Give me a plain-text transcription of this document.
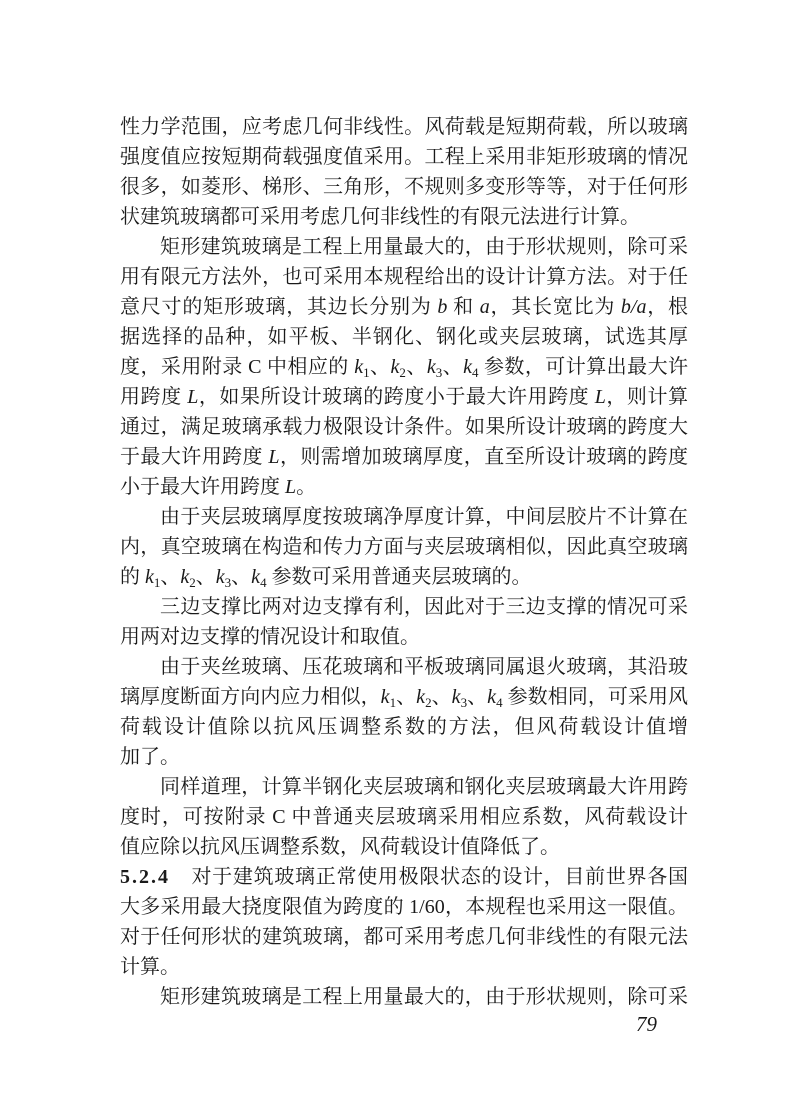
性力学范围，应考虑几何非线性。风荷载是短期荷载，所以玻璃
强度值应按短期荷载强度值采用。工程上采用非矩形玻璃的情况
很多，如菱形、梯形、三角形，不规则多变形等等，对于任何形
状建筑玻璃都可采用考虑几何非线性的有限元法进行计算。
矩形建筑玻璃是工程上用量最大的，由于形状规则，除可采
用有限元方法外，也可采用本规程给出的设计计算方法。对于任
意尺寸的矩形玻璃，其边长分别为 b 和 a，其长宽比为 b/a，根
据选择的品种，如平板、半钢化、钢化或夹层玻璃，试选其厚
度，采用附录 C 中相应的 $k_1$、$k_2$、$k_3$、$k_4$ 参数，可计算出最大许
用跨度 L，如果所设计玻璃的跨度小于最大许用跨度 L，则计算
通过，满足玻璃承载力极限设计条件。如果所设计玻璃的跨度大
于最大许用跨度 L，则需增加玻璃厚度，直至所设计玻璃的跨度
小于最大许用跨度 L。
由于夹层玻璃厚度按玻璃净厚度计算，中间层胶片不计算在
内，真空玻璃在构造和传力方面与夹层玻璃相似，因此真空玻璃
的 $k_1$、$k_2$、$k_3$、$k_4$ 参数可采用普通夹层玻璃的。
三边支撑比两对边支撑有利，因此对于三边支撑的情况可采
用两对边支撑的情况设计和取值。
由于夹丝玻璃、压花玻璃和平板玻璃同属退火玻璃，其沿玻
璃厚度断面方向内应力相似，$k_1$、$k_2$、$k_3$、$k_4$ 参数相同，可采用风
荷载设计值除以抗风压调整系数的方法，但风荷载设计值增
加了。
同样道理，计算半钢化夹层玻璃和钢化夹层玻璃最大许用跨
度时，可按附录 C 中普通夹层玻璃采用相应系数，风荷载设计
值应除以抗风压调整系数，风荷载设计值降低了。
5.2.4　对于建筑玻璃正常使用极限状态的设计，目前世界各国
大多采用最大挠度限值为跨度的 1/60，本规程也采用这一限值。
对于任何形状的建筑玻璃，都可采用考虑几何非线性的有限元法
计算。
矩形建筑玻璃是工程上用量最大的，由于形状规则，除可采
79
